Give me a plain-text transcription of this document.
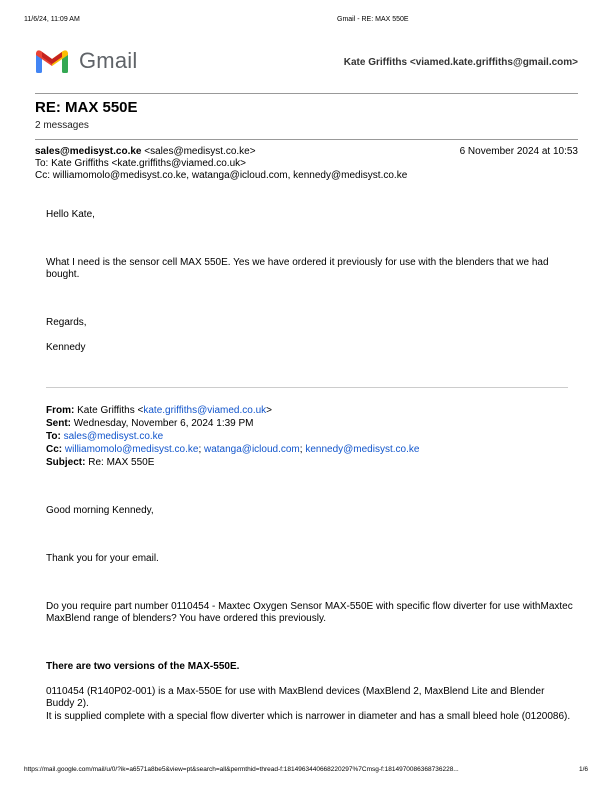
11/6/24, 11:09 AM	Gmail - RE: MAX 550E
Gmail	Kate Griffiths <viamed.kate.griffiths@gmail.com>
RE: MAX 550E
2 messages
sales@medisyst.co.ke <sales@medisyst.co.ke>	6 November 2024 at 10:53
To: Kate Griffiths <kate.griffiths@viamed.co.uk>
Cc: williamomolo@medisyst.co.ke, watanga@icloud.com, kennedy@medisyst.co.ke
Hello Kate,
What I need is the sensor cell MAX 550E. Yes we have ordered it previously for use with the blenders that we had bought.
Regards,
Kennedy
From: Kate Griffiths <kate.griffiths@viamed.co.uk>
Sent: Wednesday, November 6, 2024 1:39 PM
To: sales@medisyst.co.ke
Cc: williamomolo@medisyst.co.ke; watanga@icloud.com; kennedy@medisyst.co.ke
Subject: Re: MAX 550E
Good morning Kennedy,
Thank you for your email.
Do you require part number 0110454 - Maxtec Oxygen Sensor MAX-550E with specific flow diverter for use withMaxtec MaxBlend range of blenders? You have ordered this previously.
There are two versions of the MAX-550E.
0110454 (R140P02-001) is a Max-550E for use with MaxBlend devices (MaxBlend 2, MaxBlend Lite and Blender Buddy 2).
It is supplied complete with a special flow diverter which is narrower in diameter and has a small bleed hole (0120086).
https://mail.google.com/mail/u/0/?ik=a6571a8be5&view=pt&search=all&permthid=thread-f:1814963440668220297%7Cmsg-f:1814970086368736228...	1/6
